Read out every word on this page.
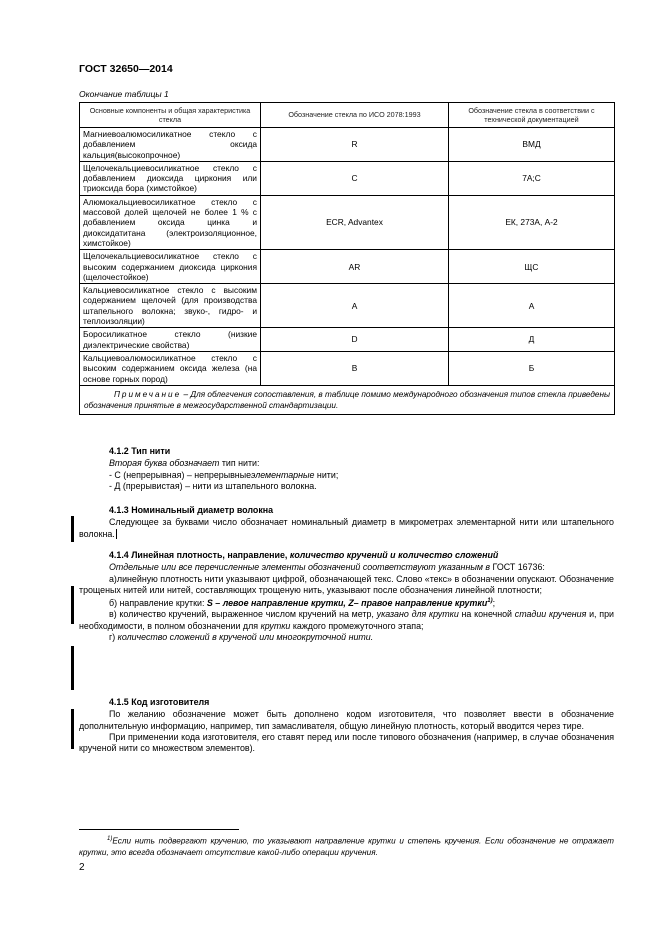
ГОСТ 32650—2014
Окончание таблицы 1
Основные компоненты и общая характеристика стекла	Обозначение стекла по ИСО 2078:1993	Обозначение стекла в соответствии с технической документацией
Магниевоалюмосиликатное стекло с добавлением оксида кальция(высокопрочное)	R	ВМД
Щелочекальциевосиликатное стекло с добавлением диоксида циркония или триоксида бора (химстойкое)	С	7А;С
Алюмокальциевосиликатное стекло с массовой долей щелочей не более 1 % с добавлением оксида цинка и диоксидатитана (электроизоляционное, химстойкое)	ECR, Advantex	ЕК, 273А, А-2
Щелочекальциевосиликатное стекло с высоким содержанием диоксида циркония (щелочестойкое)	AR	ЩС
Кальциевосиликатное стекло с высоким содержанием щелочей (для производства штапельного волокна; звуко-, гидро- и теплоизоляции)	А	А
Боросиликатное стекло (низкие диэлектрические свойства)	D	Д
Кальциевоалюмосиликатное стекло с высоким содержанием оксида железа (на основе горных пород)	В	Б
Примечание – Для облегчения сопоставления, в таблице помимо международного обозначения типов стекла приведены обозначения принятые в межгосударственной стандартизации.		

4.1.2 Тип нити

Вторая буква обозначает тип нити:

- С (непрерывная) – непрерывныеэлементарные нити;

- Д (прерывистая) – нити из штапельного волокна.

4.1.3 Номинальный диаметр волокна

Следующее за буквами число обозначает номинальный диаметр в микрометрах элементарной нити или штапельного волокна.

4.1.4 Линейная плотность, направление, количество кручений и количество сложений

Отдельные или все перечисленные элементы обозначений соответствуют указанным в ГОСТ 16736:

а)линейную плотность нити указывают цифрой, обозначающей текс. Слово «текс» в обозначении опускают. Обозначение трощеных нитей или нитей, составляющих трощеную нить, указывают после обозначения линейной плотности;

б) направление крутки: S – левое направление крутки, Z– правое направление крутки$^{1)}$;

в) количество кручений, выраженное числом кручений на метр, указано для крутки на конечной стадии кручения и, при необходимости, в полном обозначении для крутки каждого промежуточного этапа;

г) количество сложений в крученой или многокруточной нити.

4.1.5 Код изготовителя

По желанию обозначение может быть дополнено кодом изготовителя, что позволяет ввести в обозначение дополнительную информацию, например, тип замасливателя, общую линейную плотность, который вводится через тире.

При применении кода изготовителя, его ставят перед или после типового обозначения (например, в случае обозначения крученой нити со множеством элементов).

$^{1)}$Если нить подвергают кручению, то указывают направление крутки и степень кручения. Если обозначение не отражает крутки, это всегда обозначает отсутствие какой-либо операции кручения.
2
